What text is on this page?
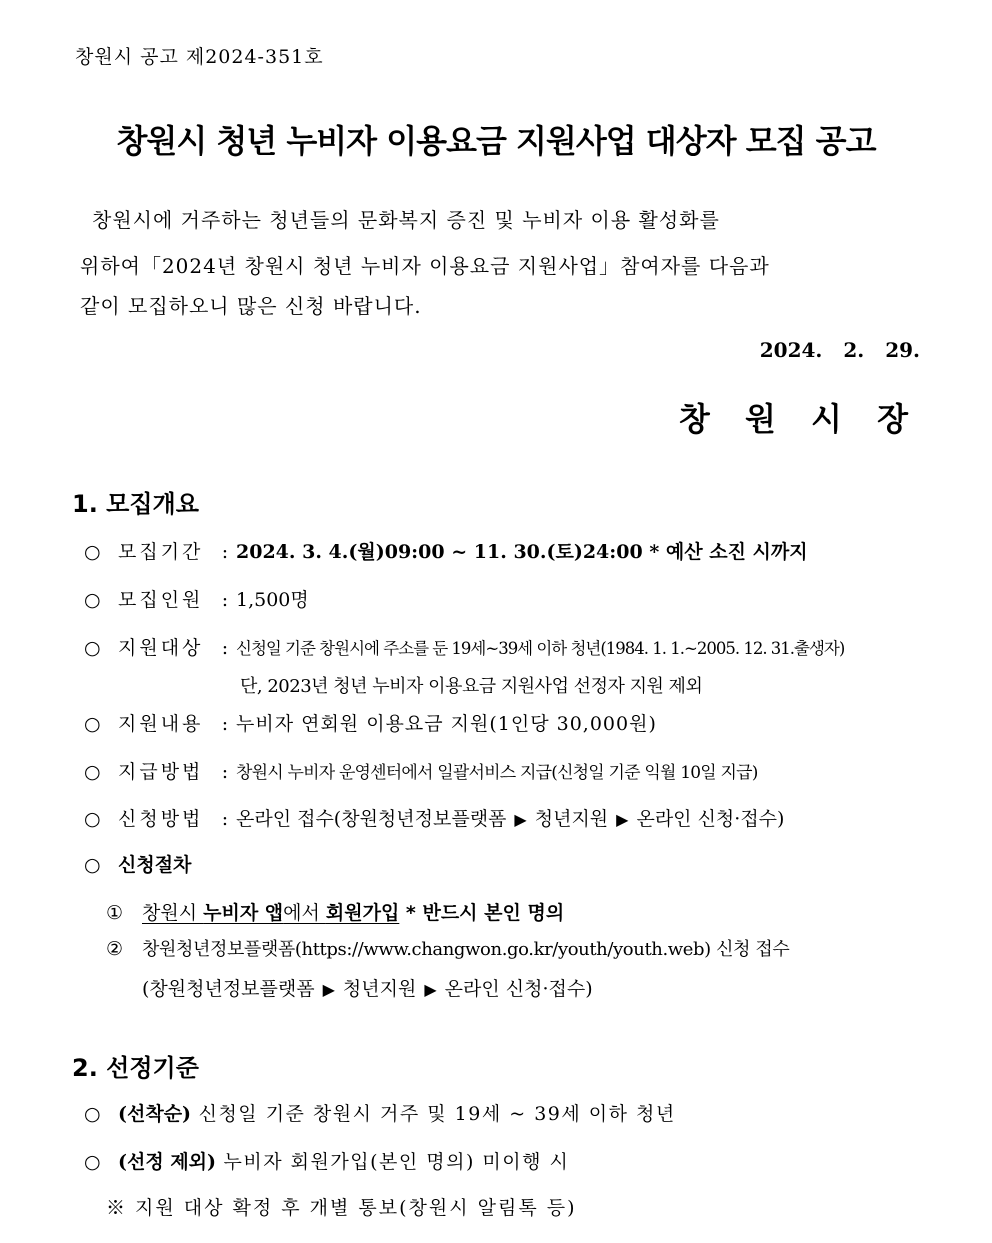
창원시 공고 제2024-351호
창원시 청년 누비자 이용요금 지원사업 대상자 모집 공고
창원시에 거주하는 청년들의 문화복지 증진 및 누비자 이용 활성화를
위하여「2024년 창원시 청년 누비자 이용요금 지원사업」참여자를 다음과
같이 모집하오니 많은 신청 바랍니다.
2024. 2. 29.
창 원 시 장
1. 모집개요
○ 모집기간 : 2024. 3. 4.(월)09:00 ~ 11. 30.(토)24:00 * 예산 소진 시까지
○ 모집인원 : 1,500명
○ 지원대상 : 신청일 기준 창원시에 주소를 둔 19세~39세 이하 청년(1984. 1. 1.~2005. 12. 31.출생자)
단, 2023년 청년 누비자 이용요금 지원사업 선정자 지원 제외
○ 지원내용 : 누비자 연회원 이용요금 지원(1인당 30,000원)
○ 지급방법 : 창원시 누비자 운영센터에서 일괄서비스 지급(신청일 기준 익월 10일 지급)
○ 신청방법 : 온라인 접수(창원청년정보플랫폼 ▶ 청년지원 ▶ 온라인 신청·접수)
○ 신청절차
① 창원시 누비자 앱에서 회원가입 * 반드시 본인 명의
② 창원청년정보플랫폼(https://www.changwon.go.kr/youth/youth.web) 신청 접수
(창원청년정보플랫폼 ▶ 청년지원 ▶ 온라인 신청·접수)
2. 선정기준
○ (선착순) 신청일 기준 창원시 거주 및 19세 ~ 39세 이하 청년
○ (선정 제외) 누비자 회원가입(본인 명의) 미이행 시
※ 지원 대상 확정 후 개별 통보(창원시 알림톡 등)
